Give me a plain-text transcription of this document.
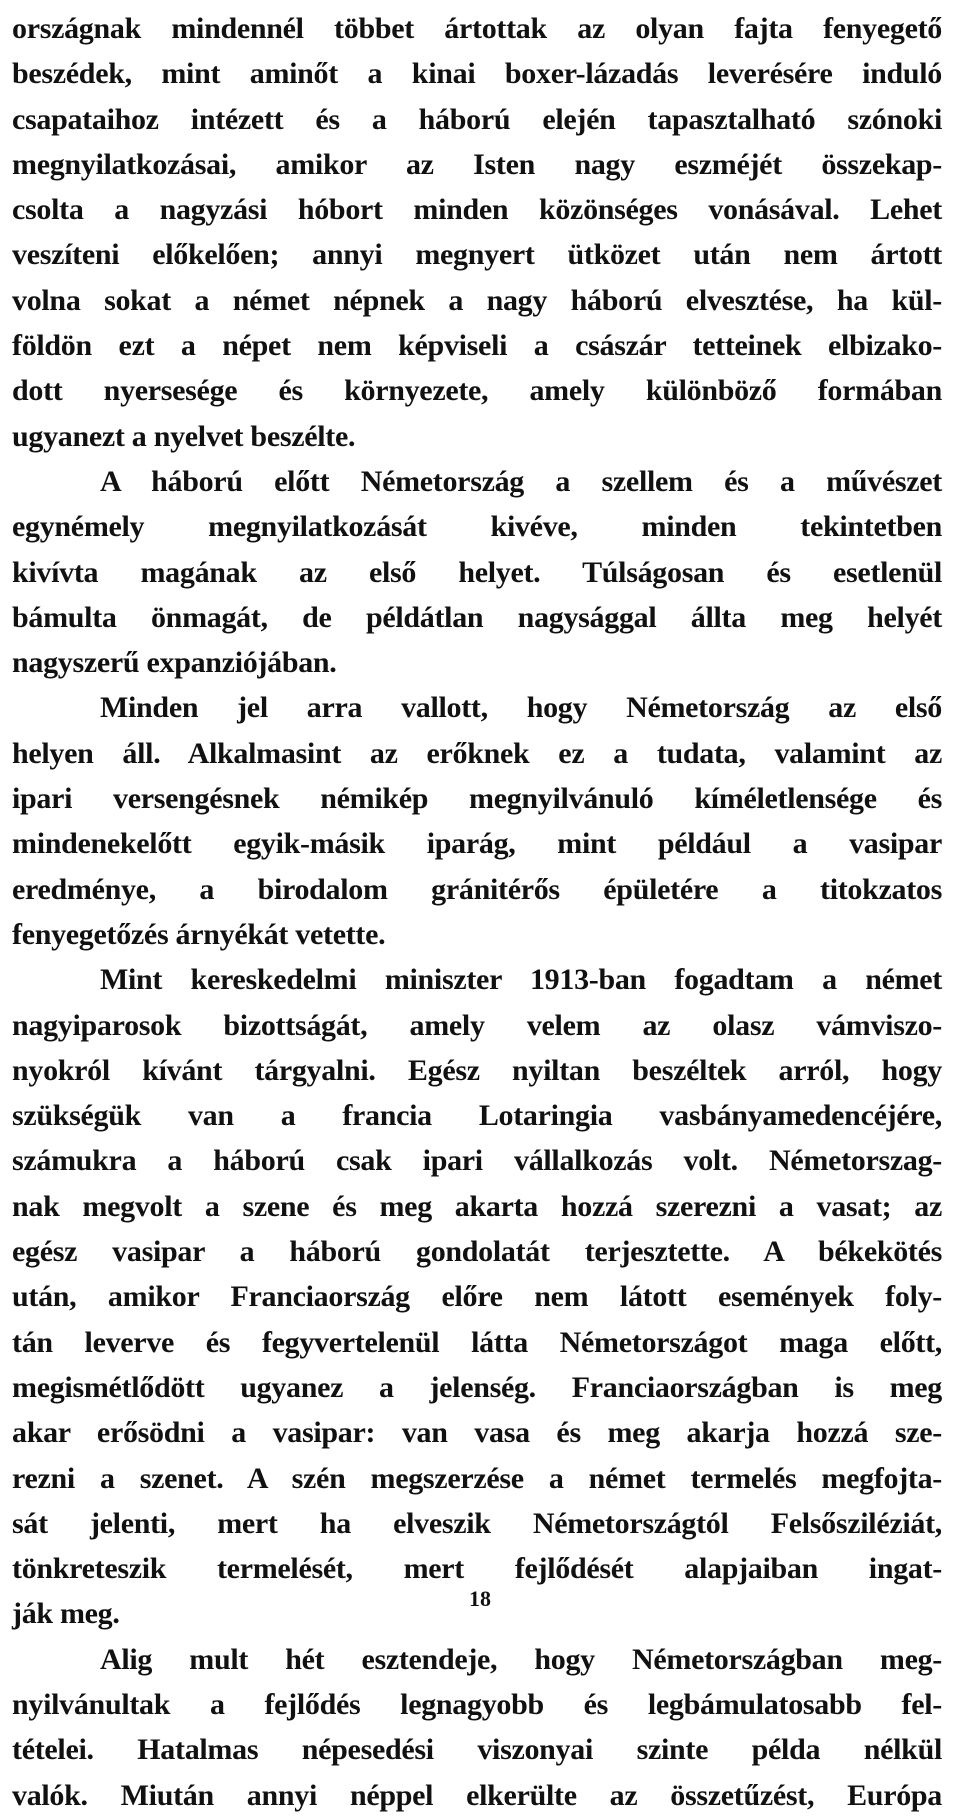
országnak mindennél többet ártottak az olyan fajta fenyegető
beszédek, mint aminőt a kinai boxer-lázadás leverésére induló
csapataihoz intézett és a háború elején tapasztalható szónoki
megnyilatkozásai, amikor az Isten nagy eszméjét összekap-
csolta a nagyzási hóbort minden közönséges vonásával. Lehet
veszíteni előkelően; annyi megnyert ütközet után nem ártott
volna sokat a német népnek a nagy háború elvesztése, ha kül-
földön ezt a népet nem képviseli a császár tetteinek elbizako-
dott nyersesége és környezete, amely különböző formában
ugyanezt a nyelvet beszélte.
A háború előtt Németország a szellem és a művészet
egynémely megnyilatkozását kivéve, minden tekintetben
kivívta magának az első helyet. Túlságosan és esetlenül
bámulta önmagát, de példátlan nagysággal állta meg helyét
nagyszerű expanziójában.
Minden jel arra vallott, hogy Németország az első
helyen áll. Alkalmasint az erőknek ez a tudata, valamint az
ipari versengésnek némikép megnyilvánuló kíméletlensége és
mindenekelőtt egyik-másik iparág, mint például a vasipar
eredménye, a birodalom gránitérős épületére a titokzatos
fenyegetőzés árnyékát vetette.
Mint kereskedelmi miniszter 1913-ban fogadtam a német
nagyiparosok bizottságát, amely velem az olasz vámviszo-
nyokról kívánt tárgyalni. Egész nyiltan beszéltek arról, hogy
szükségük van a francia Lotaringia vasbányamedencéjére,
számukra a háború csak ipari vállalkozás volt. Németorszag-
nak megvolt a szene és meg akarta hozzá szerezni a vasat; az
egész vasipar a háború gondolatát terjesztette. A békekötés
után, amikor Franciaország előre nem látott események foly-
tán leverve és fegyvertelenül látta Németországot maga előtt,
megismétlődött ugyanez a jelenség. Franciaországban is meg
akar erősödni a vasipar: van vasa és meg akarja hozzá sze-
rezni a szenet. A szén megszerzése a német termelés megfojta-
sát jelenti, mert ha elveszik Németországtól Felsősziléziát,
tönkreteszik termelését, mert fejlődését alapjaiban ingat-
ják meg.
Alig mult hét esztendeje, hogy Németországban meg-
nyilvánultak a fejlődés legnagyobb és legbámulatosabb fel-
tételei. Hatalmas népesedési viszonyai szinte példa nélkül
valók. Miután annyi néppel elkerülte az összetűzést, Európa
18
